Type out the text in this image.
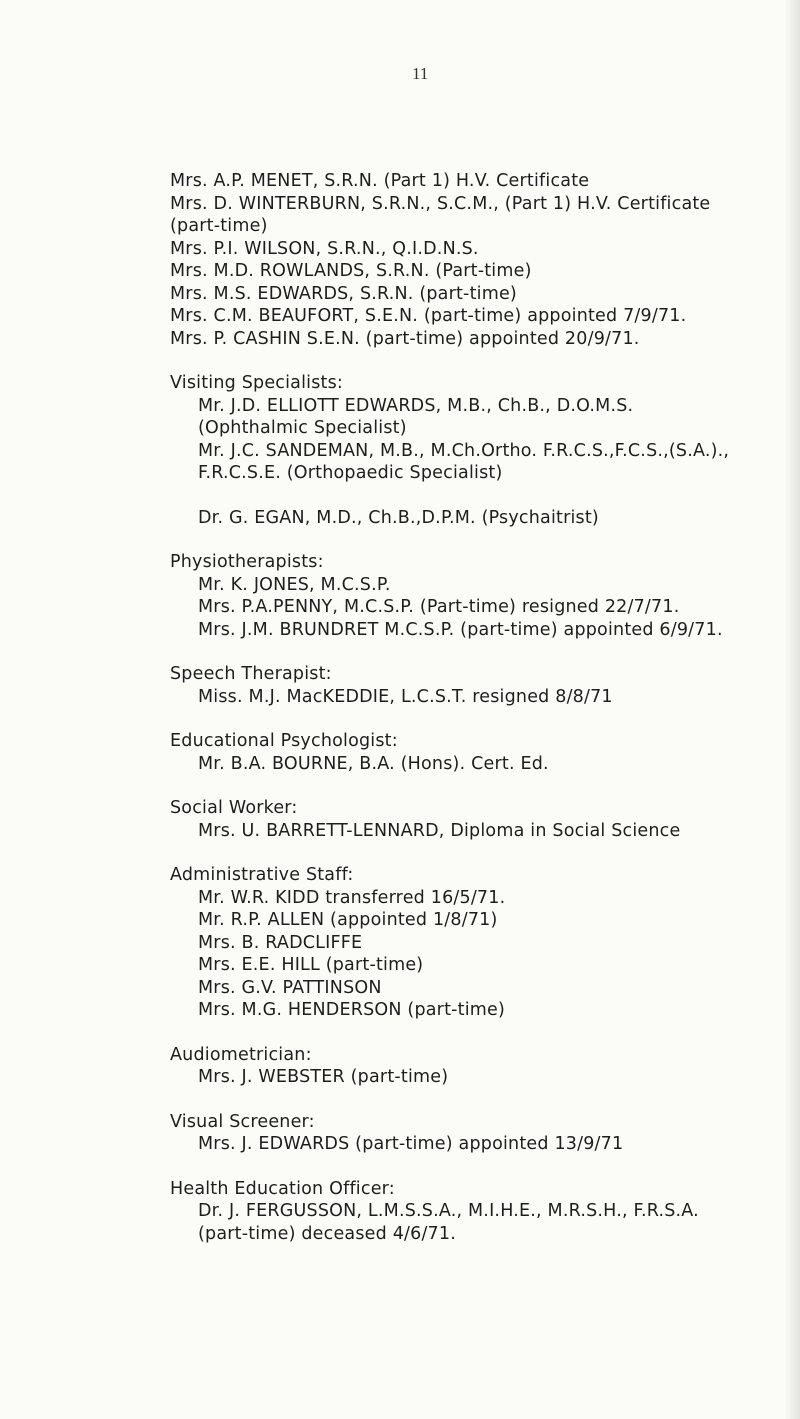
11

Mrs. A.P. MENET, S.R.N. (Part 1) H.V. Certificate

Mrs. D. WINTERBURN, S.R.N., S.C.M., (Part 1) H.V. Certificate (part-time)

Mrs. P.I. WILSON, S.R.N., Q.I.D.N.S.

Mrs. M.D. ROWLANDS, S.R.N. (Part-time)

Mrs. M.S. EDWARDS, S.R.N. (part-time)

Mrs. C.M. BEAUFORT, S.E.N. (part-time) appointed 7/9/71.

Mrs. P. CASHIN S.E.N. (part-time) appointed 20/9/71.

Visiting Specialists:

Mr. J.D. ELLIOTT EDWARDS, M.B., Ch.B., D.O.M.S. (Ophthalmic Specialist)

Mr. J.C. SANDEMAN, M.B., M.Ch.Ortho. F.R.C.S.,F.C.S.,(S.A.)., F.R.C.S.E. (Orthopaedic Specialist)

Dr. G. EGAN, M.D., Ch.B.,D.P.M. (Psychaitrist)

Physiotherapists:

Mr. K. JONES, M.C.S.P.

Mrs. P.A.PENNY, M.C.S.P. (Part-time) resigned 22/7/71.

Mrs. J.M. BRUNDRET M.C.S.P. (part-time) appointed 6/9/71.

Speech Therapist:

Miss. M.J. MacKEDDIE, L.C.S.T. resigned 8/8/71

Educational Psychologist:

Mr. B.A. BOURNE, B.A. (Hons). Cert. Ed.

Social Worker:

Mrs. U. BARRETT-LENNARD, Diploma in Social Science

Administrative Staff:

Mr. W.R. KIDD transferred 16/5/71.

Mr. R.P. ALLEN (appointed 1/8/71)

Mrs. B. RADCLIFFE

Mrs. E.E. HILL (part-time)

Mrs. G.V. PATTINSON

Mrs. M.G. HENDERSON (part-time)

Audiometrician:

Mrs. J. WEBSTER (part-time)

Visual Screener:

Mrs. J. EDWARDS (part-time) appointed 13/9/71

Health Education Officer:

Dr. J. FERGUSSON, L.M.S.S.A., M.I.H.E., M.R.S.H., F.R.S.A. (part-time) deceased 4/6/71.
